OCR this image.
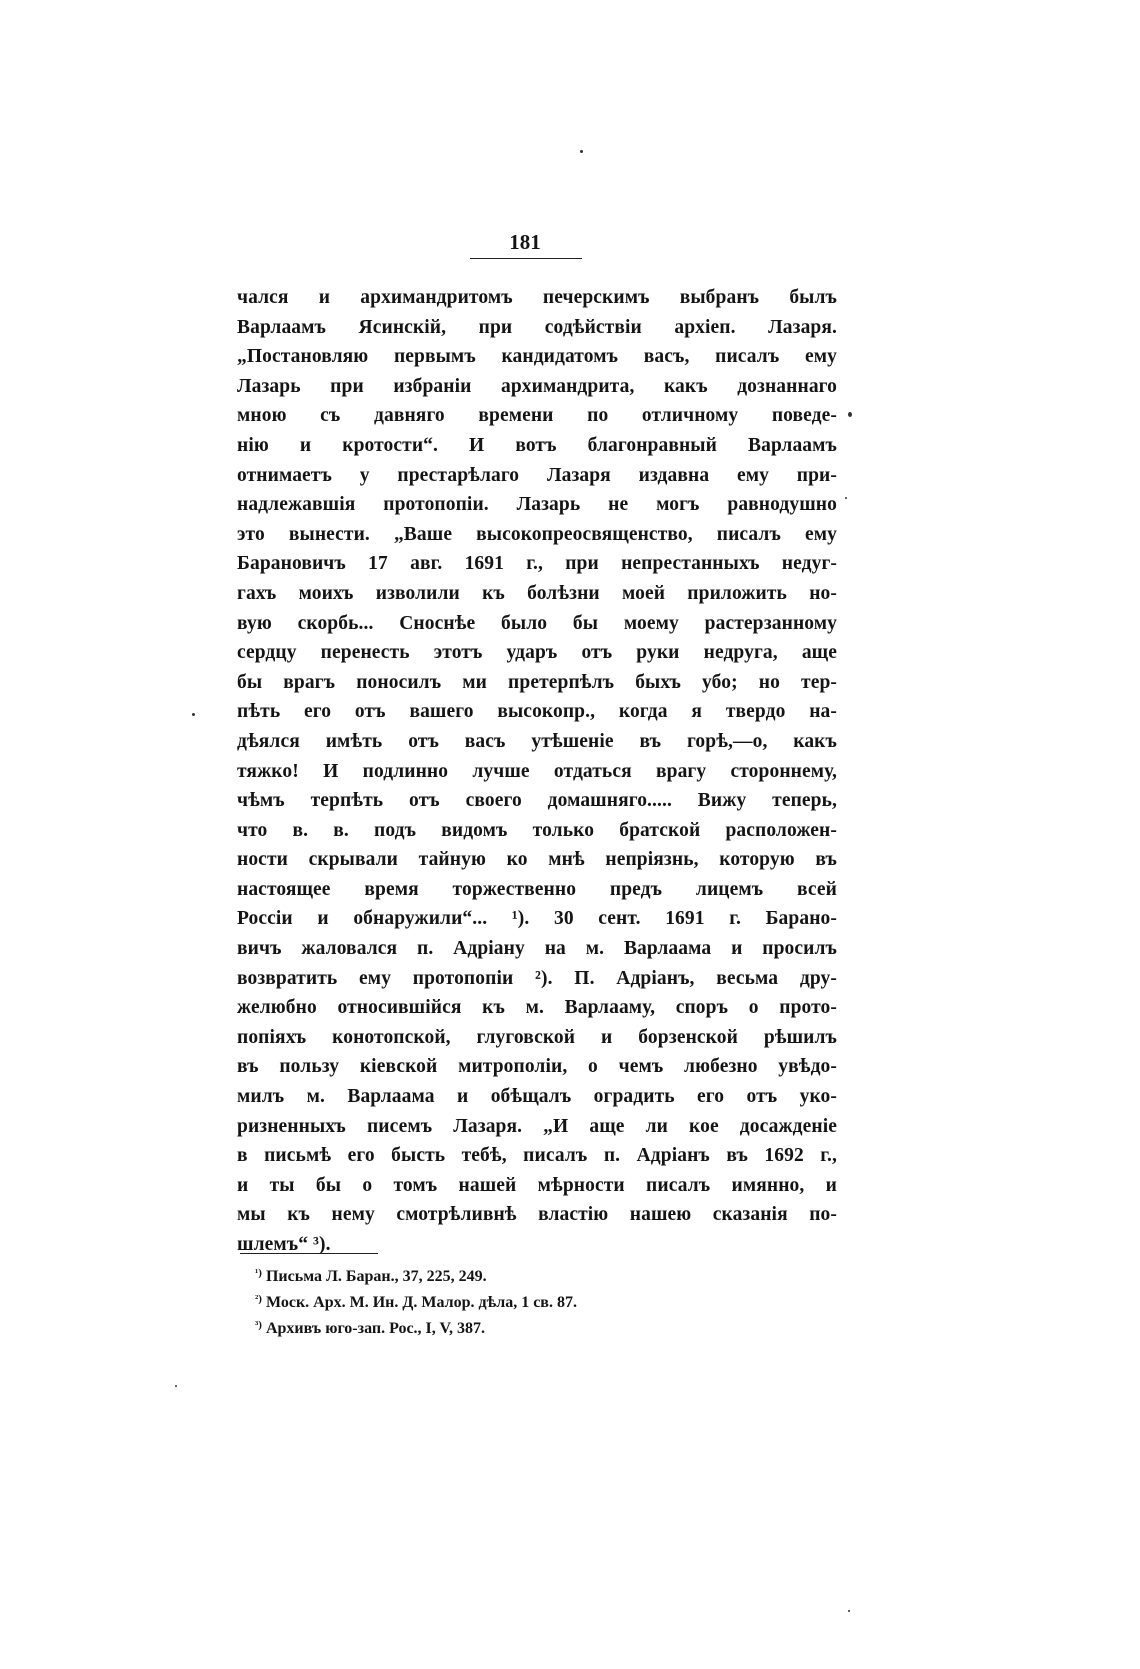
181
чался и архимандритомъ печерскимъ выбранъ былъ
Варлаамъ Ясинскій, при содѣйствіи архіеп. Лазаря.
„Постановляю первымъ кандидатомъ васъ, писалъ ему
Лазарь при избраніи архимандрита, какъ дознаннаго
мною съ давняго времени по отличному поведе-
нію и кротости“. И вотъ благонравный Варлаамъ
отнимаетъ у престарѣлаго Лазаря издавна ему при-
надлежавшія протопопіи. Лазарь не могъ равнодушно
это вынести. „Ваше высокопреосвященство, писалъ ему
Барановичъ 17 авг. 1691 г., при непрестанныхъ недуг-
гахъ моихъ изволили къ болѣзни моей приложить но-
вую скорбь... Сноснѣе было бы моему растерзанному
сердцу перенесть этотъ ударъ отъ руки недруга, аще
бы врагъ поносилъ ми претерпѣлъ быхъ убо; но тер-
пѣть его отъ вашего высокопр., когда я твердо на-
дѣялся имѣть отъ васъ утѣшеніе въ горѣ,—о, какъ
тяжко! И подлинно лучше отдаться врагу стороннему,
чѣмъ терпѣть отъ своего домашняго..... Вижу теперь,
что в. в. подъ видомъ только братской расположен-
ности скрывали тайную ко мнѣ непріязнь, которую въ
настоящее время торжественно предъ лицемъ всей
Россіи и обнаружили“... ¹). 30 сент. 1691 г. Барано-
вичъ жаловался п. Адріану на м. Варлаама и просилъ
возвратить ему протопопіи ²). П. Адріанъ, весьма дру-
желюбно относившійся къ м. Варлааму, споръ о прото-
попіяхъ конотопской, глуговской и борзенской рѣшилъ
въ пользу кіевской митрополіи, о чемъ любезно увѣдо-
милъ м. Варлаама и обѣщалъ оградить его отъ уко-
ризненныхъ писемъ Лазаря. „И аще ли кое досажденіе
в письмѣ его бысть тебѣ, писалъ п. Адріанъ въ 1692 г.,
и ты бы о томъ нашей мѣрности писалъ имянно, и
мы къ нему смотрѣливнѣ властію нашею сказанія по-
шлемъ“ ³).
$^{^1)}$ Письма Л. Баран., 37, 225, 249.
$^{^2)}$ Моск. Арх. М. Ин. Д. Малор. дѣла, 1 св. 87.
$^{^3)}$ Архивъ юго-зап. Рос., I, V, 387.
